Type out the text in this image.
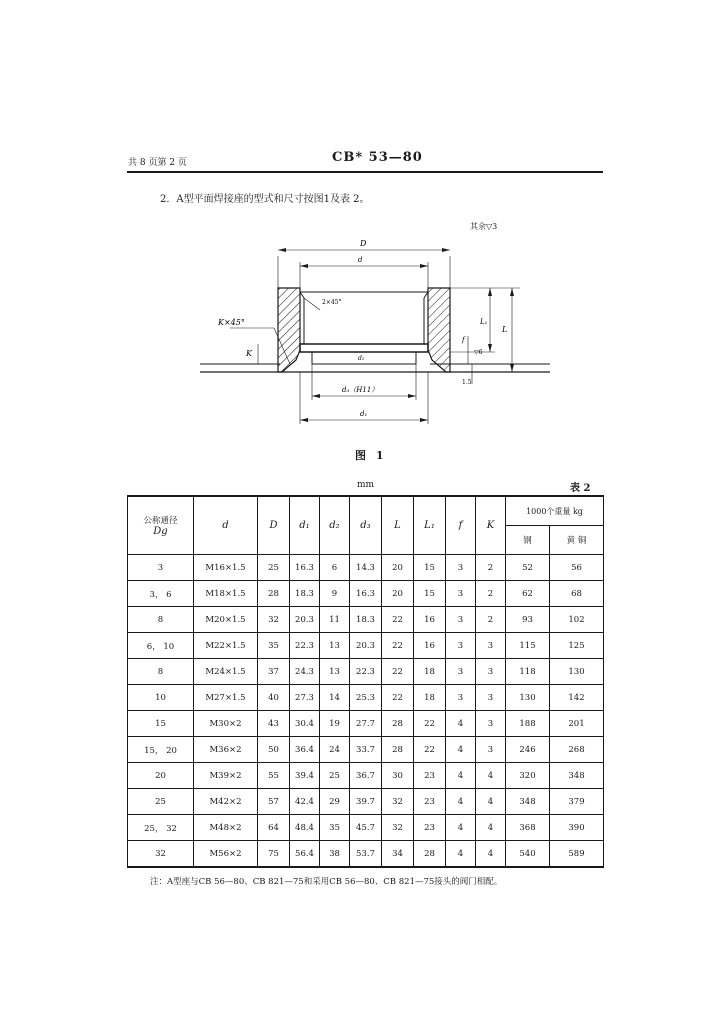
共 8 页第 2 页	CB* 53—80
2．A型平面焊接座的型式和尺寸按图1及表 2。
其余▽3
D
d
2×45°
K×45°
K
d₂
L₁
L
f
▽6
1.5
d₃（H11）
d₁
图 1
mm	表 2
公称通径
Dg	d	D	d₁	d₂	d₃	L	L₁	f	K	1000个重量 kg	
										钢	黄 铜
3	M16×1.5	25	16.3	6	14.3	20	15	3	2	52	56
3， 6	M18×1.5	28	18.3	9	16.3	20	15	3	2	62	68
8	M20×1.5	32	20.3	11	18.3	22	16	3	2	93	102
6， 10	M22×1.5	35	22.3	13	20.3	22	16	3	3	115	125
8	M24×1.5	37	24.3	13	22.3	22	18	3	3	118	130
10	M27×1.5	40	27.3	14	25.3	22	18	3	3	130	142
15	M30×2	43	30.4	19	27.7	28	22	4	3	188	201
15， 20	M36×2	50	36.4	24	33.7	28	22	4	3	246	268
20	M39×2	55	39.4	25	36.7	30	23	4	4	320	348
25	M42×2	57	42.4	29	39.7	32	23	4	4	348	379
25， 32	M48×2	64	48.4	35	45.7	32	23	4	4	368	390
32	M56×2	75	56.4	38	53.7	34	28	4	4	540	589
注：A型座与CB 56—80、CB 821—75和采用CB 56—80、CB 821—75接头的阀门相配。
